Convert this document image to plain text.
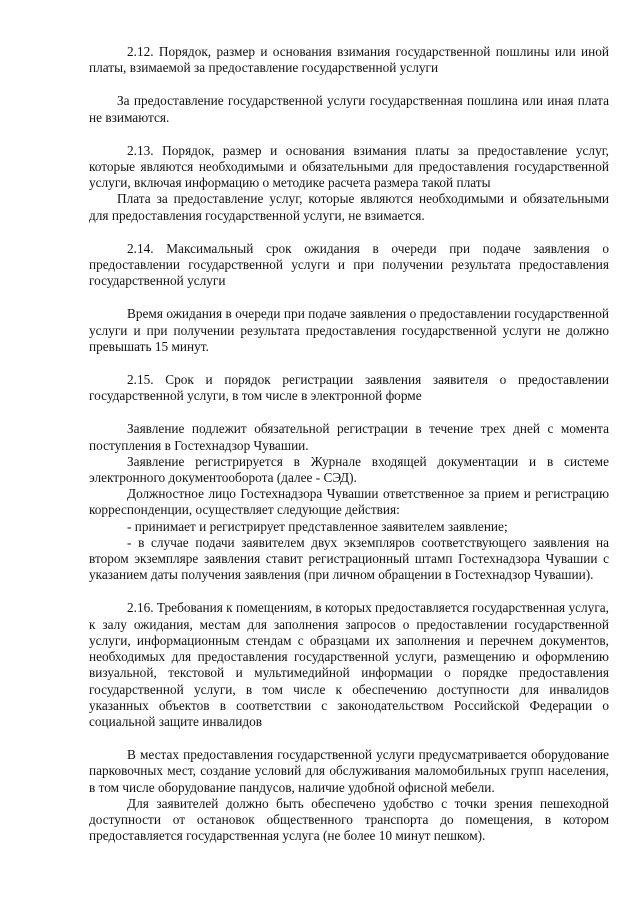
2.12. Порядок, размер и основания взимания государственной пошлины или иной платы, взимаемой за предоставление государственной услуги

За предоставление государственной услуги государственная пошлина или иная плата не взимаются.

2.13. Порядок, размер и основания взимания платы за предоставление услуг, которые являются необходимыми и обязательными для предоставления государственной услуги, включая информацию о методике расчета размера такой платы

Плата за предоставление услуг, которые являются необходимыми и обязательными для предоставления государственной услуги, не взимается.

2.14. Максимальный срок ожидания в очереди при подаче заявления о предоставлении государственной услуги и при получении результата предоставления государственной услуги

Время ожидания в очереди при подаче заявления о предоставлении государственной услуги и при получении результата предоставления государственной услуги не должно превышать 15 минут.

2.15. Срок и порядок регистрации заявления заявителя о предоставлении государственной услуги, в том числе в электронной форме

Заявление подлежит обязательной регистрации в течение трех дней с момента поступления в Гостехнадзор Чувашии.

Заявление регистрируется в Журнале входящей документации и в системе электронного документооборота (далее - СЭД).

Должностное лицо Гостехнадзора Чувашии ответственное за прием и регистрацию корреспонденции, осуществляет следующие действия:

- принимает и регистрирует представленное заявителем заявление;

- в случае подачи заявителем двух экземпляров соответствующего заявления на втором экземпляре заявления ставит регистрационный штамп Гостехнадзора Чувашии с указанием даты получения заявления (при личном обращении в Гостехнадзор Чувашии).

2.16. Требования к помещениям, в которых предоставляется государственная услуга, к залу ожидания, местам для заполнения запросов о предоставлении государственной услуги, информационным стендам с образцами их заполнения и перечнем документов, необходимых для предоставления государственной услуги, размещению и оформлению визуальной, текстовой и мультимедийной информации о порядке предоставления государственной услуги, в том числе к обеспечению доступности для инвалидов указанных объектов в соответствии с законодательством Российской Федерации о социальной защите инвалидов

В местах предоставления государственной услуги предусматривается оборудование парковочных мест, создание условий для обслуживания маломобильных групп населения, в том числе оборудование пандусов, наличие удобной офисной мебели.

Для заявителей должно быть обеспечено удобство с точки зрения пешеходной доступности от остановок общественного транспорта до помещения, в котором предоставляется государственная услуга (не более 10 минут пешком).
